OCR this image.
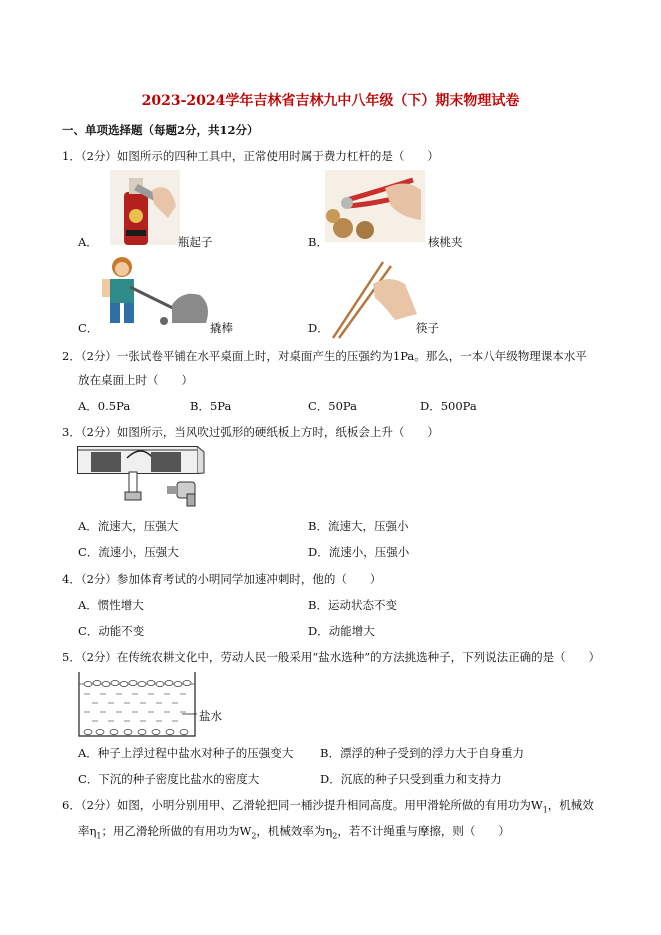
2023-2024学年吉林省吉林九中八年级（下）期末物理试卷
一、单项选择题（每题2分，共12分）
1．（2分）如图所示的四种工具中，正常使用时属于费力杠杆的是（　　）
A．	瓶起子	B．	核桃夹
C．	撬棒	D．	筷子
2．（2分）一张试卷平铺在水平桌面上时，对桌面产生的压强约为1Pa。那么，一本八年级物理课本水平
放在桌面上时（　　）
A．0.5Pa	B．5Pa	C．50Pa	D．500Pa
3．（2分）如图所示，当风吹过弧形的硬纸板上方时，纸板会上升（　　）
A．流速大，压强大	B．流速大，压强小
C．流速小，压强大	D．流速小，压强小
4．（2分）参加体育考试的小明同学加速冲刺时，他的（　　）
A．惯性增大	B．运动状态不变
C．动能不变	D．动能增大
5．（2分）在传统农耕文化中，劳动人民一般采用“盐水选种”的方法挑选种子，下列说法正确的是（　　）
盐水
A．种子上浮过程中盐水对种子的压强变大 B．漂浮的种子受到的浮力大于自身重力
C．下沉的种子密度比盐水的密度大	D．沉底的种子只受到重力和支持力
6．（2分）如图，小明分别用甲、乙滑轮把同一桶沙提升相同高度。用甲滑轮所做的有用功为$W_1$，机械效
率$\eta_1$；用乙滑轮所做的有用功为$W_2$，机械效率为$\eta_2$，若不计绳重与摩擦，则（　　）
